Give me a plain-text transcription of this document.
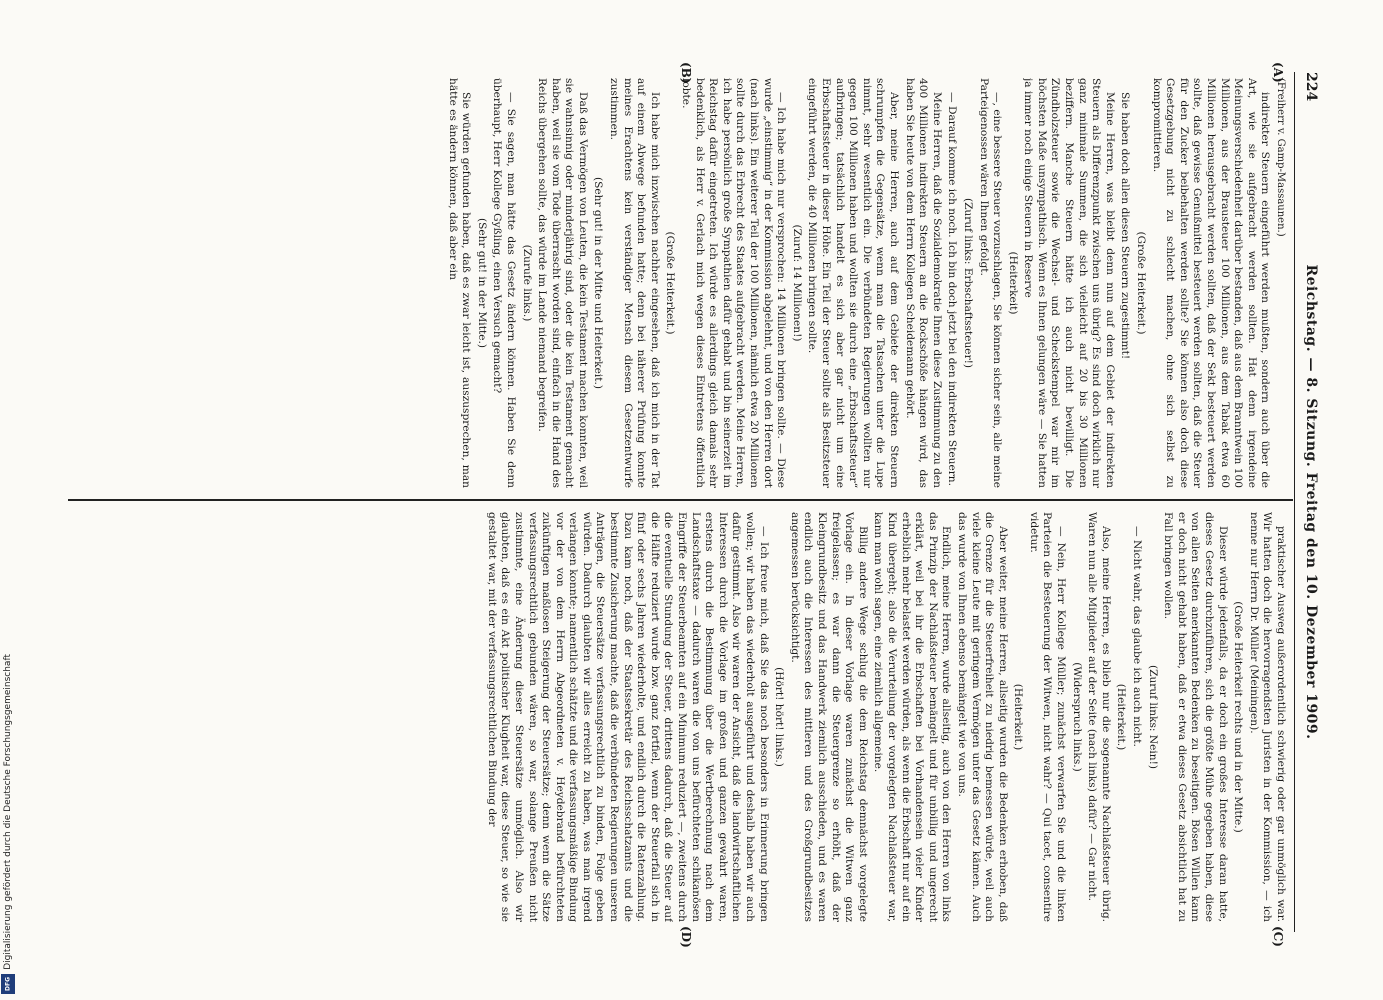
224
Reichstag. — 8. Sitzung. Freitag den 10. Dezember 1909.
(A)
(B)
(C)
(D)

(Freiherr v. Gamp-Massaunen.)

indirekter Steuern eingeführt werden mußten, sondern auch über die Art, wie sie aufgebracht werden sollten. Hat denn irgendeine Meinungsverschiedenheit darüber bestanden, daß aus dem Branntwein 100 Millionen, aus der Brausteuer 100 Millionen, aus dem Tabak etwa 60 Millionen herausgebracht werden sollten, daß der Sekt besteuert werden sollte, daß gewisse Genußmittel besteuert werden sollten, daß die Steuer für den Zucker beibehalten werden sollte? Sie können also doch diese Gesetzgebung nicht zu schlecht machen, ohne sich selbst zu kompromittieren.

(Große Heiterkeit.)

Sie haben doch allen diesen Steuern zugestimmt!

Meine Herren, was bleibt denn nun auf dem Gebiet der indirekten Steuern als Differenzpunkt zwischen uns übrig? Es sind doch wirklich nur ganz minimale Summen, die sich vielleicht auf 20 bis 30 Millionen beziffern. Manche Steuern hätte ich auch nicht bewilligt. Die Zündholzsteuer sowie die Wechsel- und Scheckstempel war mir im höchsten Maße unsympathisch. Wenn es Ihnen gelungen wäre — Sie hatten ja immer noch einige Steuern in Reserve

(Heiterkeit)

—, eine bessere Steuer vorzuschlagen, Sie können sicher sein, alle meine Parteigenossen wären Ihnen gefolgt.

(Zuruf links: Erbschaftssteuer!)

— Darauf komme ich noch. Ich bin doch jetzt bei den indirekten Steuern.

Meine Herren, daß die Sozialdemokratie Ihnen diese Zustimmung zu den 400 Millionen indirekten Steuern an die Rockschöße hängen wird, das haben Sie heute von dem Herrn Kollegen Scheidemann gehört.

Aber, meine Herren, auch auf dem Gebiete der direkten Steuern schrumpfen die Gegensätze, wenn man die Tatsachen unter die Lupe nimmt, sehr wesentlich ein. Die verbündeten Regierungen wollten nur gegen 100 Millionen haben und wollten sie durch eine „Erbschaftssteuer“ aufbringen; tatsächlich handelt es sich aber gar nicht um eine Erbschaftssteuer in dieser Höhe. Ein Teil der Steuer sollte als Besitzsteuer eingeführt werden, die 40 Millionen bringen sollte.

(Zuruf: 14 Millionen!)

— Ich habe mich nur versprochen: 14 Millionen bringen sollte. — Diese wurde „einstimmig“ in der Kommission abgelehnt, und von den Herren dort (nach links). Ein weiterer Teil der 100 Millionen, nämlich etwa 20 Millionen sollte durch das Erbrecht des Staates aufgebracht werden. Meine Herren, ich habe persönlich große Sympathien dafür gehabt und bin seinerzeit im Reichstag dafür eingetreten. Ich würde es allerdings gleich damals sehr bedenklich, als Herr v. Gerlach mich wegen dieses Eintretens öffentlich lobte.

(Große Heiterkeit.)

Ich habe mich inzwischen nachher eingesehen, daß ich mich in der Tat auf einem Abwege befunden hatte; denn bei näherer Prüfung konnte meines Erachtens kein verständiger Mensch diesem Gesetzentwurfe zustimmen.

(Sehr gut! in der Mitte und Heiterkeit.)

Daß das Vermögen von Leuten, die kein Testament machen konnten, weil sie wahnsinnig oder minderjährig sind, oder die kein Testament gemacht haben, weil sie vom Tode überrascht worden sind, einfach in die Hand des Reichs übergehen sollte, das würde im Lande niemand begreifen.

(Zurufe links.)

— Sie sagen, man hätte das Gesetz ändern können. Haben Sie denn überhaupt, Herr Kollege Gyßling, einen Versuch gemacht?

(Sehr gut! in der Mitte.)

Sie würden gefunden haben, daß es zwar leicht ist, auszusprechen, man hätte es ändern können, daß aber ein

praktischer Ausweg außerordentlich schwierig oder gar unmöglich war. Wir hatten doch die hervorragendsten Juristen in der Kommission, — ich nenne nur Herrn Dr. Müller (Meiningen).

(Große Heiterkeit rechts und in der Mitte.)

Dieser würde jedenfalls, da er doch ein großes Interesse daran hatte, dieses Gesetz durchzuführen, sich die größte Mühe gegeben haben, diese von allen Seiten anerkannten Bedenken zu beseitigen. Bösen Willen kann er doch nicht gehabt haben, daß er etwa dieses Gesetz absichtlich hat zu Fall bringen wollen.

(Zuruf links: Nein!)

— Nicht wahr, das glaube ich auch nicht.

(Heiterkeit.)

Also, meine Herren, es blieb nur die sogenannte Nachlaßsteuer übrig. Waren nun alle Mitglieder auf der Seite (nach links) dafür? — Gar nicht.

(Widerspruch links.)

— Nein, Herr Kollege Müller; zunächst verwarfen Sie und die linken Parteien die Besteuerung der Witwen, nicht wahr? — Qui tacet, consentire videtur.

(Heiterkeit.)

Aber weiter, meine Herren, allseitig wurden die Bedenken erhoben, daß die Grenze für die Steuerfreiheit zu niedrig bemessen würde, weil auch viele kleine Leute mit geringem Vermögen unter das Gesetz kämen. Auch das wurde von Ihnen ebenso bemängelt wie von uns.

Endlich, meine Herren, wurde allseitig, auch von den Herren von links das Prinzip der Nachlaßsteuer bemängelt und für unbillig und ungerecht erklärt, weil bei ihr die Erbschaften bei Vorhandensein vieler Kinder erheblich mehr belastet werden würden, als wenn die Erbschaft nur auf ein Kind übergeht; also die Verurteilung der vorgelegten Nachlaßsteuer war, kann man wohl sagen, eine ziemlich allgemeine.

Billig andere Wege schlug die dem Reichstag demnächst vorgelegte Vorlage ein. In dieser Vorlage waren zunächst die Witwen ganz freigelassen; es war dann die Steuergrenze so erhöht, daß der Kleingrundbesitz und das Handwerk ziemlich ausschieden, und es waren endlich auch die Interessen des mittleren und des Großgrundbesitzes angemessen berücksichtigt.

(Hört! hört! links.)

— Ich freue mich, daß Sie das noch besonders in Erinnerung bringen wollen; wir haben das wiederholt ausgeführt und deshalb haben wir auch dafür gestimmt. Also wir waren der Ansicht, daß die landwirtschaftlichen Interessen durch die Vorlage im großen und ganzen gewahrt waren, erstens durch die Bestimmung über die Wertberechnung nach dem Landschaftstaxe — dadurch waren die von uns befürchteten schikanösen Eingriffe der Steuerbeamten auf ein Minimum reduziert —, zweitens durch die eventuelle Stundung der Steuer, drittens dadurch, daß die Steuer auf die Hälfte reduziert wurde bzw. ganz fortfiel, wenn der Steuerfall sich in fünf oder sechs Jahren wiederholte, und endlich durch die Ratenzahlung. Dazu kam noch, daß der Staatssekretär des Reichsschatzamts und die bestimmte Zusicherung machte, daß die verbündeten Regierungen unseren Anträgen, die Steuersätze verfassungsrechtlich zu binden, Folge geben würden. Dadurch glaubten wir alles erreicht zu haben, was man irgend verlangen konnte; namentlich schätzte und die verfassungsmäßige Bindung vor der von dem Herrn Abgeordneten v. Heydebrand befürchteten zukünftigen maßlosen Steigerung der Steuersätze; denn wenn die Sätze verfassungsrechtlich gebunden wären, so war, solange Preußen nicht zustimmte, eine Änderung dieser Steuersätze unmöglich. Also wir glaubten, daß es ein Akt politischer Klugheit war, diese Steuer, so wie sie gestaltet war, mit der verfassungsrechtlichen Bindung der

Digitalisierung gefördert durch die Deutsche Forschungsgemeinschaft
DFG
